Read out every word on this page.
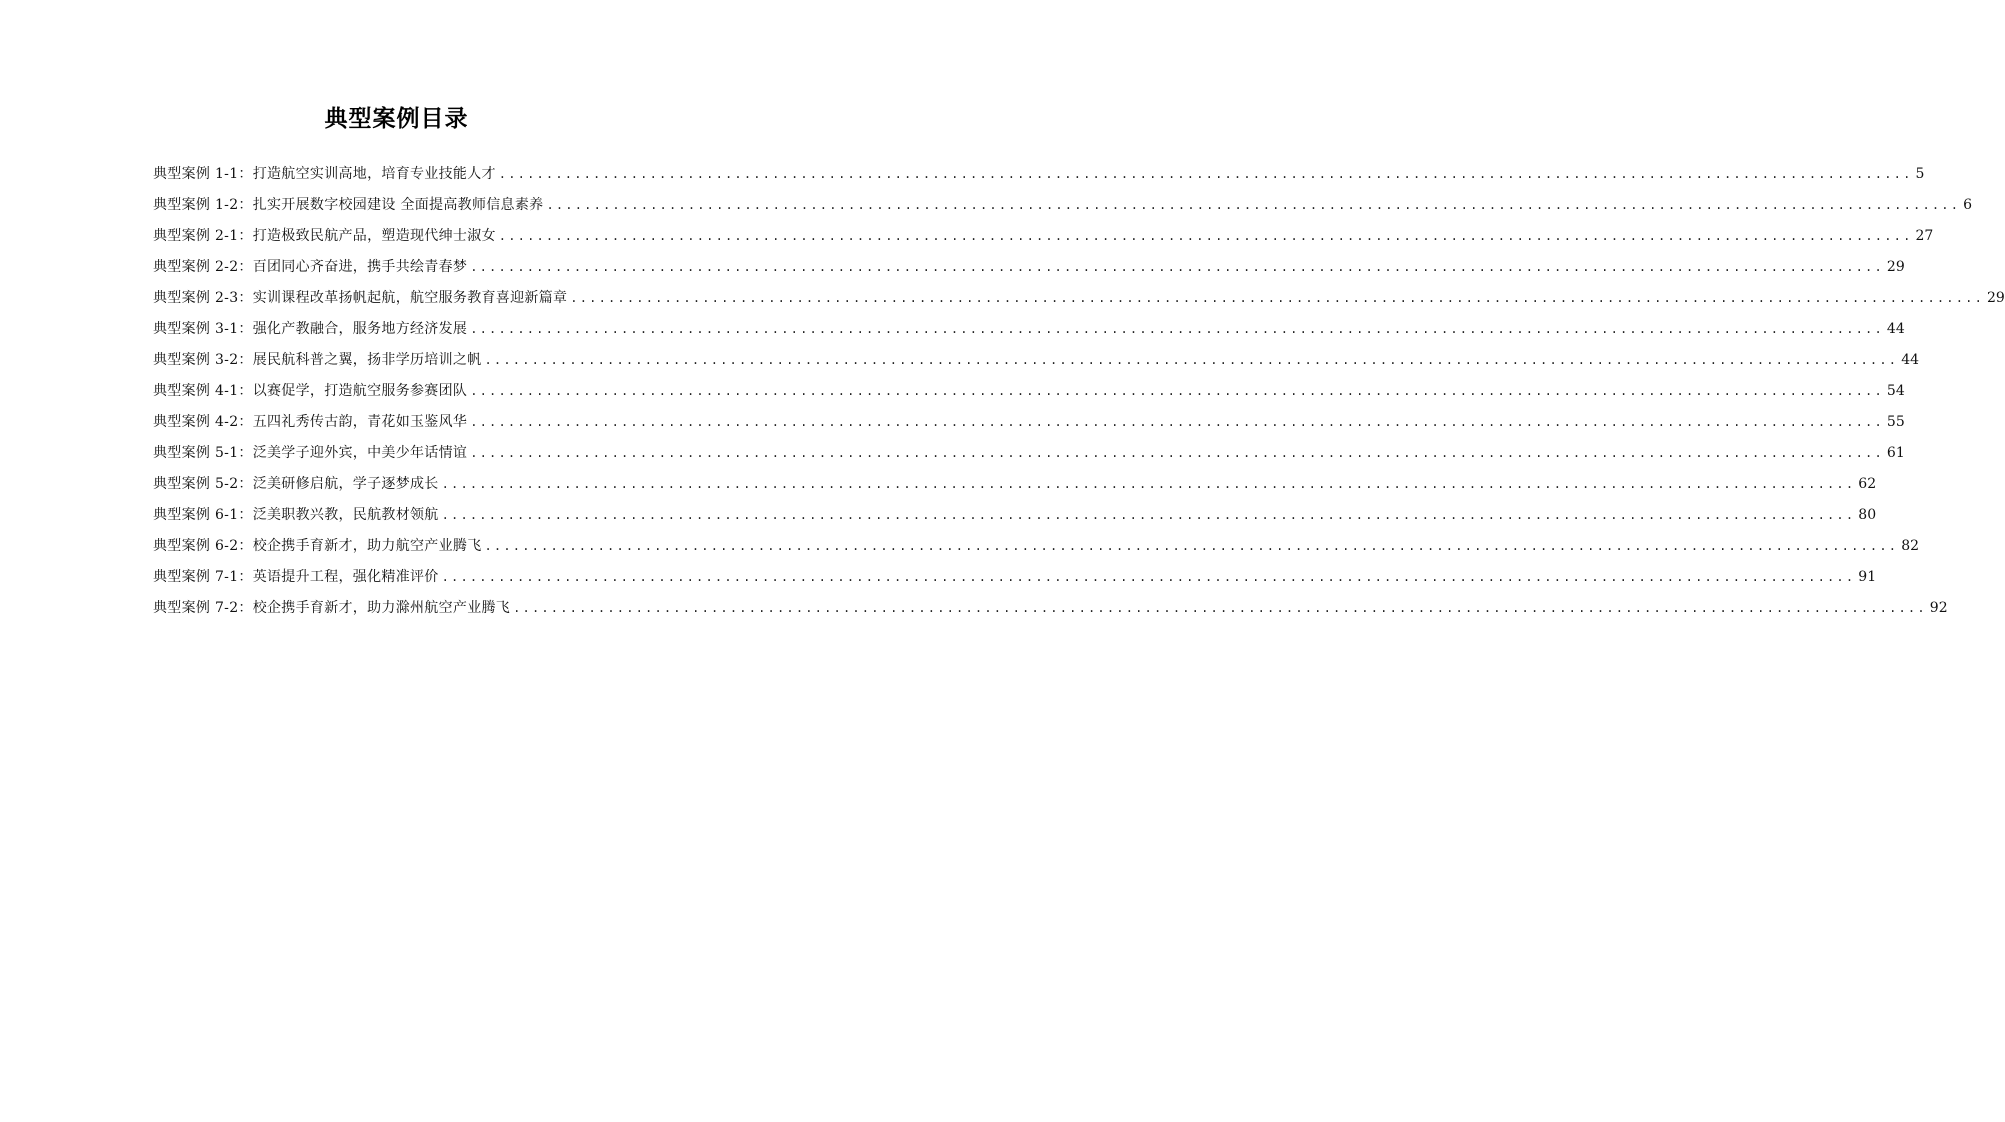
典型案例目录
典型案例 1-1：打造航空实训高地，培育专业技能人才 ...................................................................................................................................................... 5
典型案例 1-2：扎实开展数字校园建设 全面提高教师信息素养 ...................................................................................................................................................... 6
典型案例 2-1：打造极致民航产品，塑造现代绅士淑女 ...................................................................................................................................................... 27
典型案例 2-2：百团同心齐奋进，携手共绘青春梦 ...................................................................................................................................................... 29
典型案例 2-3：实训课程改革扬帆起航，航空服务教育喜迎新篇章 ...................................................................................................................................................... 29
典型案例 3-1：强化产教融合，服务地方经济发展 ...................................................................................................................................................... 44
典型案例 3-2：展民航科普之翼，扬非学历培训之帆 ...................................................................................................................................................... 44
典型案例 4-1：以赛促学，打造航空服务参赛团队 ...................................................................................................................................................... 54
典型案例 4-2：五四礼秀传古韵，青花如玉鉴风华 ...................................................................................................................................................... 55
典型案例 5-1：泛美学子迎外宾，中美少年话情谊 ...................................................................................................................................................... 61
典型案例 5-2：泛美研修启航，学子逐梦成长 ...................................................................................................................................................... 62
典型案例 6-1：泛美职教兴教，民航教材领航 ...................................................................................................................................................... 80
典型案例 6-2：校企携手育新才，助力航空产业腾飞 ...................................................................................................................................................... 82
典型案例 7-1：英语提升工程，强化精准评价 ...................................................................................................................................................... 91
典型案例 7-2：校企携手育新才，助力滁州航空产业腾飞 ...................................................................................................................................................... 92
